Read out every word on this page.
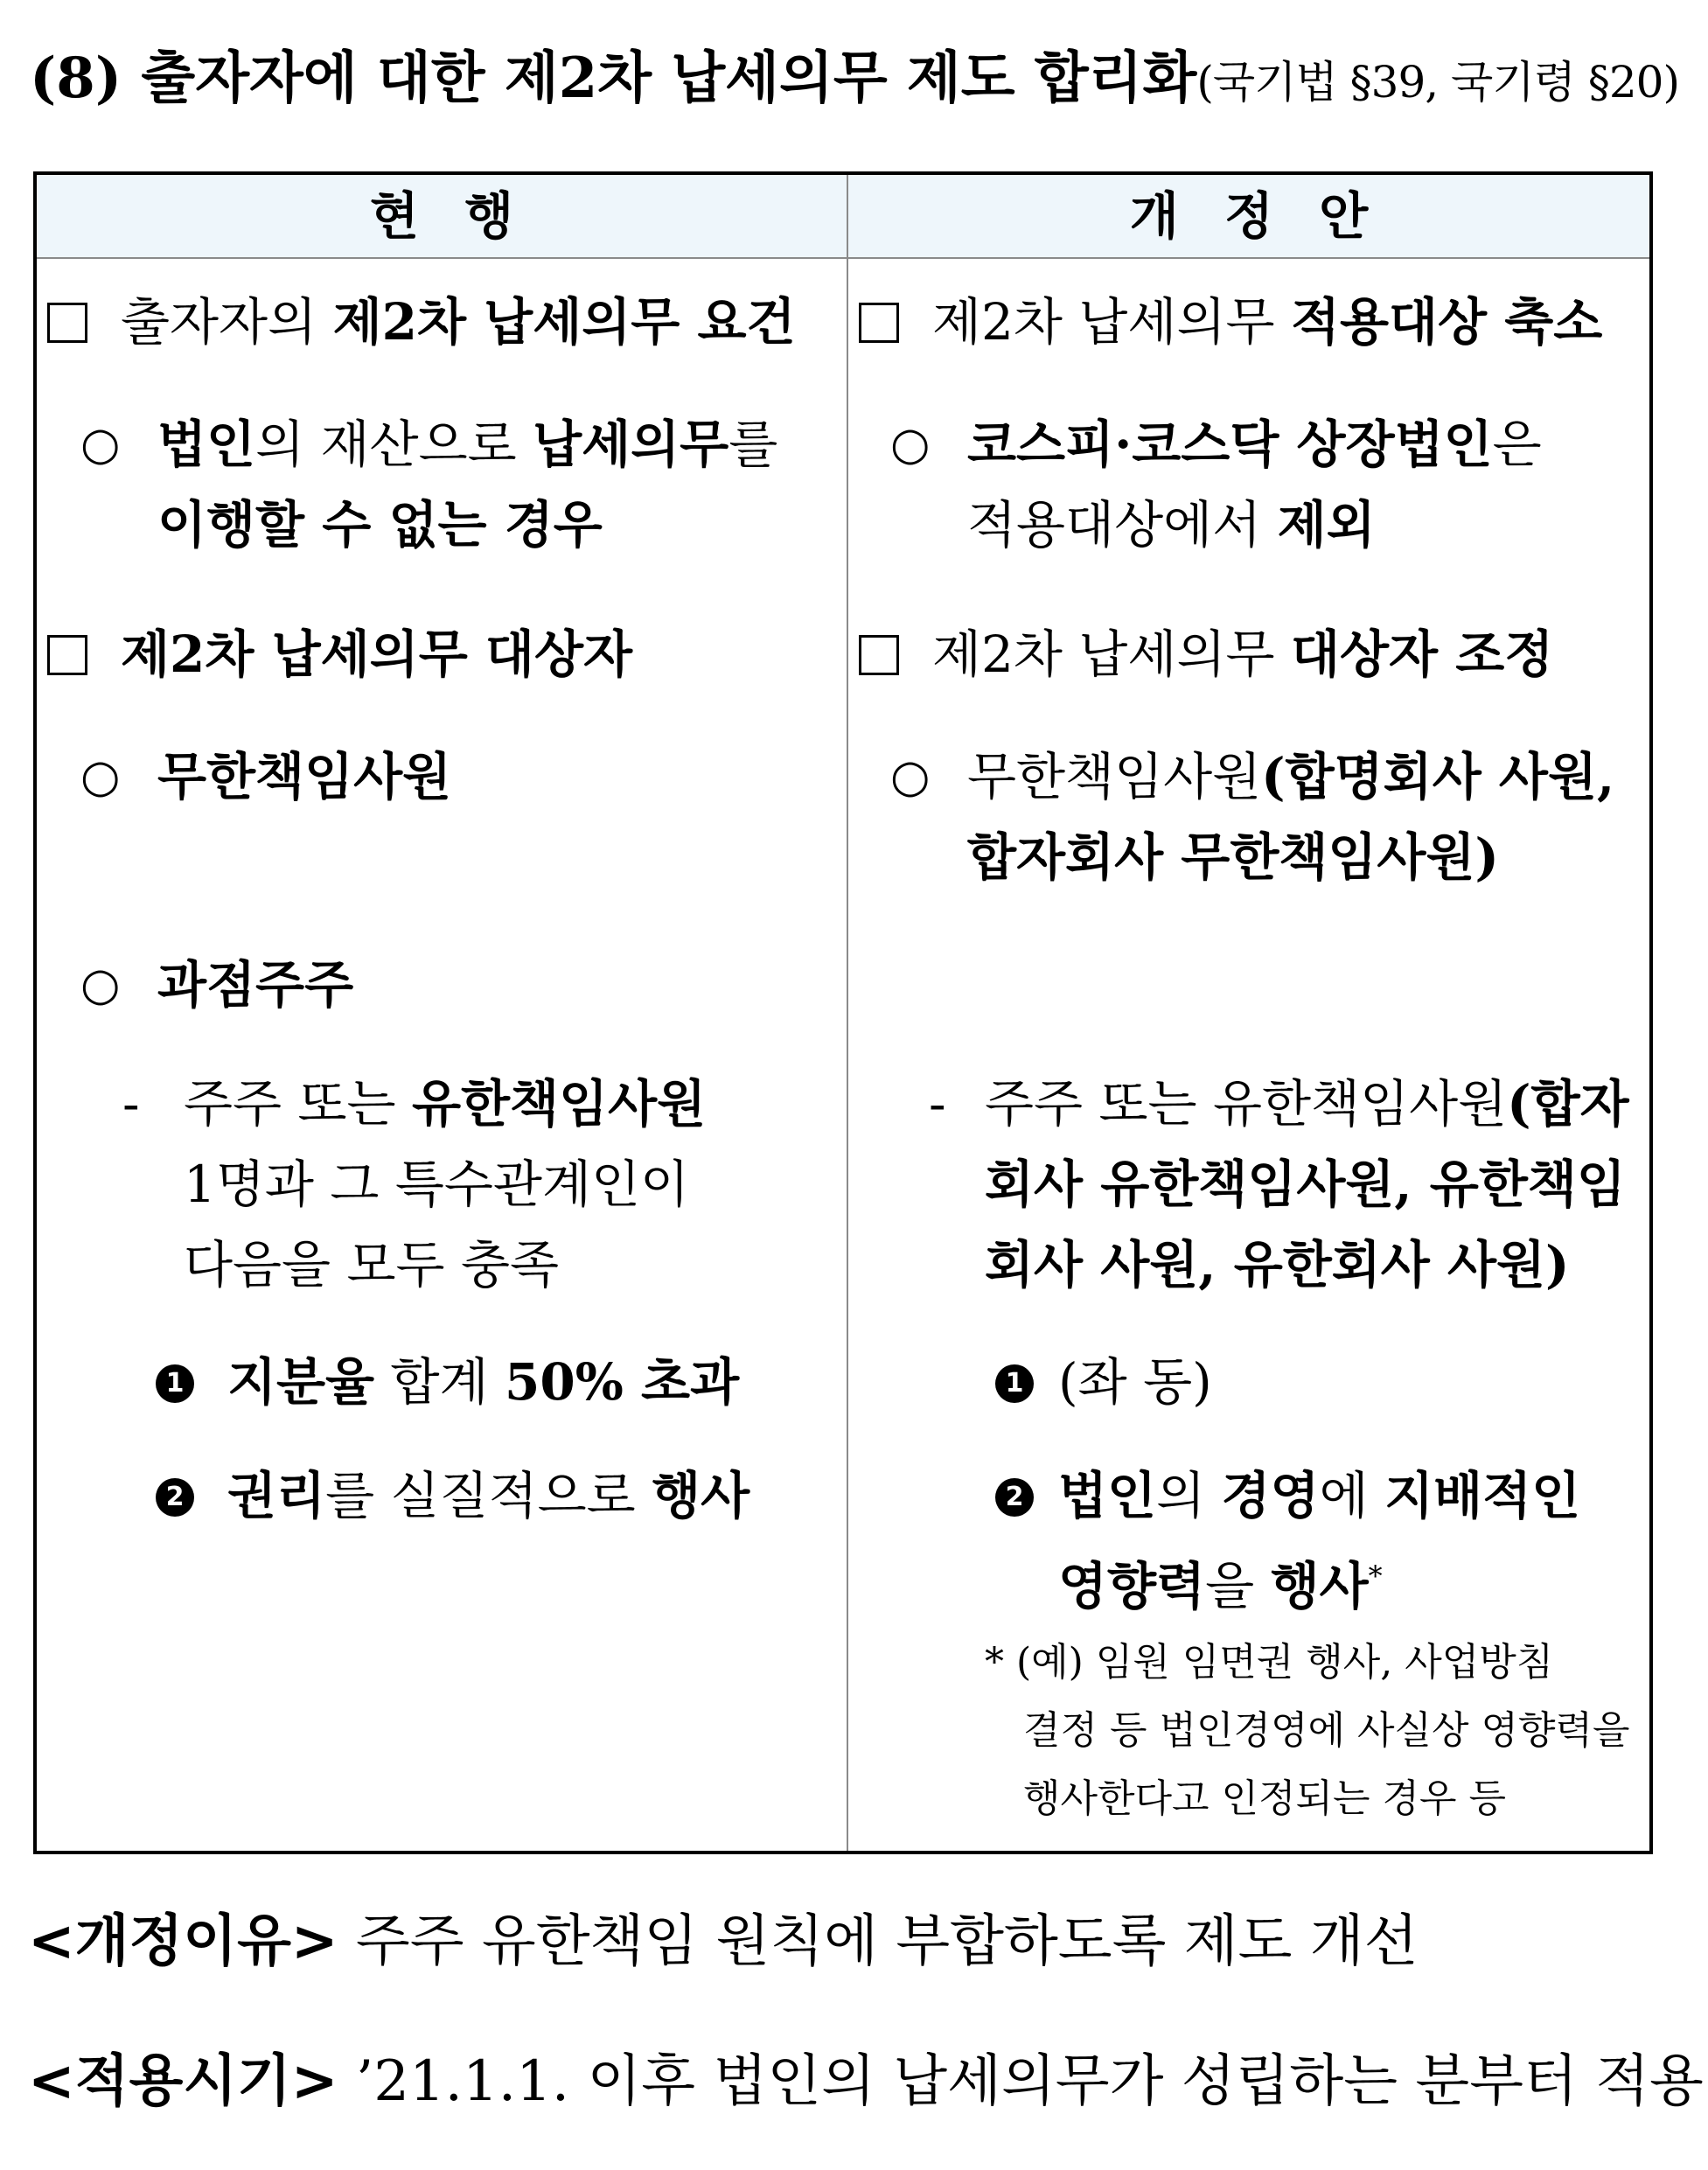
(8) 출자자에 대한 제2차 납세의무 제도 합리화(국기법 §39, 국기령 §20)
현 행	개 정 안
출자자의 제2차 납세의무 요건
○ 법인의 재산으로 납세의무를
이행할 수 없는 경우
제2차 납세의무 대상자
○ 무한책임사원
○ 과점주주
- 주주 또는 유한책임사원
1명과 그 특수관계인이
다음을 모두 충족
1 지분율 합계 50% 초과
2 권리를 실질적으로 행사
제2차 납세의무 적용대상 축소
○ 코스피·코스닥 상장법인은
적용대상에서 제외
제2차 납세의무 대상자 조정
○ 무한책임사원(합명회사 사원,
합자회사 무한책임사원)
- 주주 또는 유한책임사원(합자
회사 유한책임사원, 유한책임
회사 사원, 유한회사 사원)
1 (좌 동)
2 법인의 경영에 지배적인
영향력을 행사*
* (예) 임원 임면권 행사, 사업방침
결정 등 법인경영에 사실상 영향력을
행사한다고 인정되는 경우 등
<개정이유> 주주 유한책임 원칙에 부합하도록 제도 개선
<적용시기> ’21.1.1. 이후 법인의 납세의무가 성립하는 분부터 적용
